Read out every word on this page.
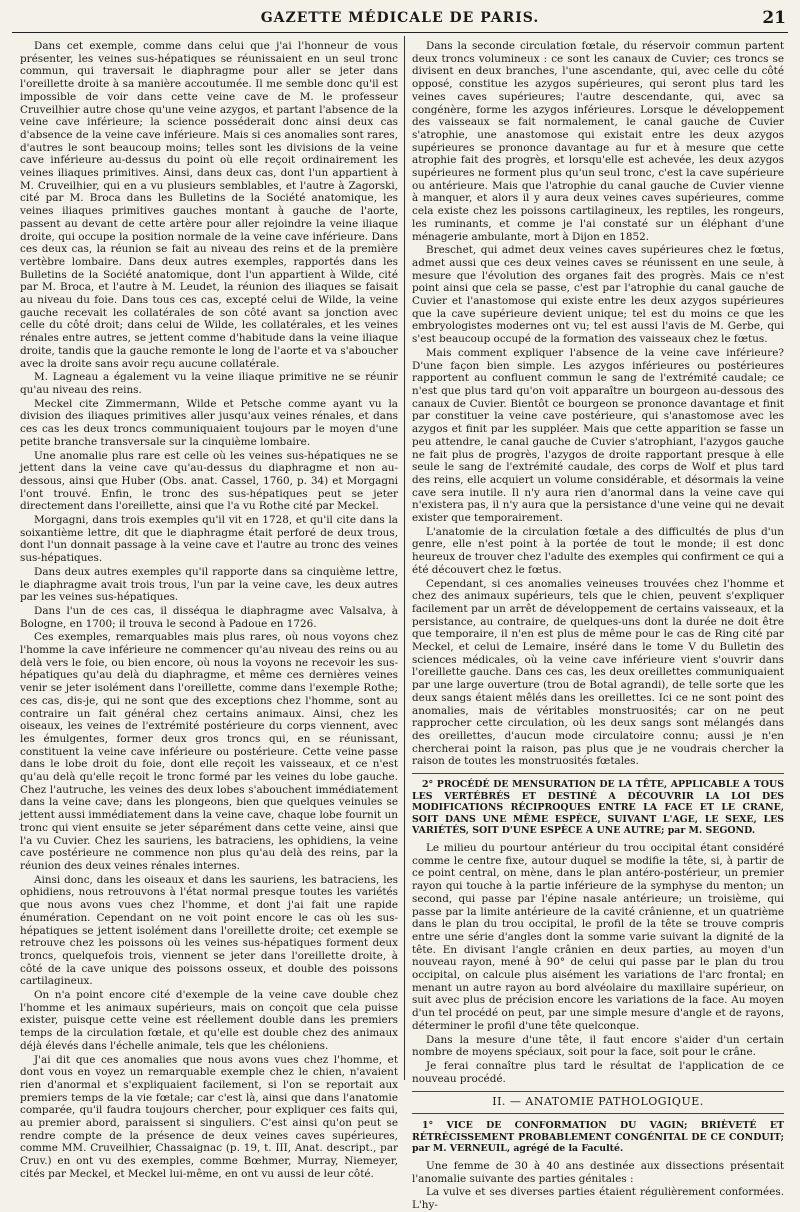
GAZETTE MÉDICALE DE PARIS.	21

Dans cet exemple, comme dans celui que j'ai l'honneur de vous présenter, les veines sus-hépatiques se réunissaient en un seul tronc commun, qui traversait le diaphragme pour aller se jeter dans l'oreillette droite à sa manière accoutumée. Il me semble donc qu'il est impossible de voir dans cette veine cave de M. le professeur Cruveilhier autre chose qu'une veine azygos, et partant l'absence de la veine cave inférieure; la science posséderait donc ainsi deux cas d'absence de la veine cave inférieure. Mais si ces anomalies sont rares, d'autres le sont beaucoup moins; telles sont les divisions de la veine cave inférieure au-dessus du point où elle reçoit ordinairement les veines iliaques primitives. Ainsi, dans deux cas, dont l'un appartient à M. Cruveilhier, qui en a vu plusieurs semblables, et l'autre à Zagorski, cité par M. Broca dans les Bulletins de la Société anatomique, les veines iliaques primitives gauches montant à gauche de l'aorte, passent au devant de cette artère pour aller rejoindre la veine iliaque droite, qui occupe la position normale de la veine cave inférieure. Dans ces deux cas, la réunion se fait au niveau des reins et de la première vertèbre lombaire. Dans deux autres exemples, rapportés dans les Bulletins de la Société anatomique, dont l'un appartient à Wilde, cité par M. Broca, et l'autre à M. Leudet, la réunion des iliaques se faisait au niveau du foie. Dans tous ces cas, excepté celui de Wilde, la veine gauche recevait les collatérales de son côté avant sa jonction avec celle du côté droit; dans celui de Wilde, les collatérales, et les veines rénales entre autres, se jettent comme d'habitude dans la veine iliaque droite, tandis que la gauche remonte le long de l'aorte et va s'aboucher avec la droite sans avoir reçu aucune collatérale.

M. Lagneau a également vu la veine iliaque primitive ne se réunir qu'au niveau des reins.

Meckel cite Zimmermann, Wilde et Petsche comme ayant vu la division des iliaques primitives aller jusqu'aux veines rénales, et dans ces cas les deux troncs communiquaient toujours par le moyen d'une petite branche transversale sur la cinquième lombaire.

Une anomalie plus rare est celle où les veines sus-hépatiques ne se jettent dans la veine cave qu'au-dessus du diaphragme et non au-dessous, ainsi que Huber (Obs. anat. Cassel, 1760, p. 34) et Morgagni l'ont trouvé. Enfin, le tronc des sus-hépatiques peut se jeter directement dans l'oreillette, ainsi que l'a vu Rothe cité par Meckel.

Morgagni, dans trois exemples qu'il vit en 1728, et qu'il cite dans la soixantième lettre, dit que le diaphragme était perforé de deux trous, dont l'un donnait passage à la veine cave et l'autre au tronc des veines sus-hépatiques.

Dans deux autres exemples qu'il rapporte dans sa cinquième lettre, le diaphragme avait trois trous, l'un par la veine cave, les deux autres par les veines sus-hépatiques.

Dans l'un de ces cas, il disséqua le diaphragme avec Valsalva, à Bologne, en 1700; il trouva le second à Padoue en 1726.

Ces exemples, remarquables mais plus rares, où nous voyons chez l'homme la cave inférieure ne commencer qu'au niveau des reins ou au delà vers le foie, ou bien encore, où nous la voyons ne recevoir les sus-hépatiques qu'au delà du diaphragme, et même ces dernières veines venir se jeter isolément dans l'oreillette, comme dans l'exemple Rothe; ces cas, dis-je, qui ne sont que des exceptions chez l'homme, sont au contraire un fait général chez certains animaux. Ainsi, chez les oiseaux, les veines de l'extrémité postérieure du corps viennent, avec les émulgentes, former deux gros troncs qui, en se réunissant, constituent la veine cave inférieure ou postérieure. Cette veine passe dans le lobe droit du foie, dont elle reçoit les vaisseaux, et ce n'est qu'au delà qu'elle reçoit le tronc formé par les veines du lobe gauche. Chez l'autruche, les veines des deux lobes s'abouchent immédiatement dans la veine cave; dans les plongeons, bien que quelques veinules se jettent aussi immédiatement dans la veine cave, chaque lobe fournit un tronc qui vient ensuite se jeter séparément dans cette veine, ainsi que l'a vu Cuvier. Chez les sauriens, les batraciens, les ophidiens, la veine cave postérieure ne commence non plus qu'au delà des reins, par la réunion des deux veines rénales internes.

Ainsi donc, dans les oiseaux et dans les sauriens, les batraciens, les ophidiens, nous retrouvons à l'état normal presque toutes les variétés que nous avons vues chez l'homme, et dont j'ai fait une rapide énumération. Cependant on ne voit point encore le cas où les sus-hépatiques se jettent isolément dans l'oreillette droite; cet exemple se retrouve chez les poissons où les veines sus-hépatiques forment deux troncs, quelquefois trois, viennent se jeter dans l'oreillette droite, à côté de la cave unique des poissons osseux, et double des poissons cartilagineux.

On n'a point encore cité d'exemple de la veine cave double chez l'homme et les animaux supérieurs, mais on conçoit que cela puisse exister, puisque cette veine est réellement double dans les premiers temps de la circulation fœtale, et qu'elle est double chez des animaux déjà élevés dans l'échelle animale, tels que les chéloniens.

J'ai dit que ces anomalies que nous avons vues chez l'homme, et dont vous en voyez un remarquable exemple chez le chien, n'avaient rien d'anormal et s'expliquaient facilement, si l'on se reportait aux premiers temps de la vie fœtale; car c'est là, ainsi que dans l'anatomie comparée, qu'il faudra toujours chercher, pour expliquer ces faits qui, au premier abord, paraissent si singuliers. C'est ainsi qu'on peut se rendre compte de la présence de deux veines caves supérieures, comme MM. Cruveilhier, Chassaignac (p. 19, t. III, Anat. descript., par Cruv.) en ont vu des exemples, comme Bœhmer, Murray, Niemeyer, cités par Meckel, et Meckel lui-même, en ont vu aussi de leur côté.

Dans la seconde circulation fœtale, du réservoir commun partent deux troncs volumineux : ce sont les canaux de Cuvier; ces troncs se divisent en deux branches, l'une ascendante, qui, avec celle du côté opposé, constitue les azygos supérieures, qui seront plus tard les veines caves supérieures; l'autre descendante, qui, avec sa congénère, forme les azygos inférieures. Lorsque le développement des vaisseaux se fait normalement, le canal gauche de Cuvier s'atrophie, une anastomose qui existait entre les deux azygos supérieures se prononce davantage au fur et à mesure que cette atrophie fait des progrès, et lorsqu'elle est achevée, les deux azygos supérieures ne forment plus qu'un seul tronc, c'est la cave supérieure ou antérieure. Mais que l'atrophie du canal gauche de Cuvier vienne à manquer, et alors il y aura deux veines caves supérieures, comme cela existe chez les poissons cartilagineux, les reptiles, les rongeurs, les ruminants, et comme je l'ai constaté sur un éléphant d'une ménagerie ambulante, mort à Dijon en 1852.

Breschet, qui admet deux veines caves supérieures chez le fœtus, admet aussi que ces deux veines caves se réunissent en une seule, à mesure que l'évolution des organes fait des progrès. Mais ce n'est point ainsi que cela se passe, c'est par l'atrophie du canal gauche de Cuvier et l'anastomose qui existe entre les deux azygos supérieures que la cave supérieure devient unique; tel est du moins ce que les embryologistes modernes ont vu; tel est aussi l'avis de M. Gerbe, qui s'est beaucoup occupé de la formation des vaisseaux chez le fœtus.

Mais comment expliquer l'absence de la veine cave inférieure? D'une façon bien simple. Les azygos inférieures ou postérieures rapportent au confluent commun le sang de l'extrémité caudale; ce n'est que plus tard qu'on voit apparaître un bourgeon au-dessous des canaux de Cuvier. Bientôt ce bourgeon se prononce davantage et finit par constituer la veine cave postérieure, qui s'anastomose avec les azygos et finit par les suppléer. Mais que cette apparition se fasse un peu attendre, le canal gauche de Cuvier s'atrophiant, l'azygos gauche ne fait plus de progrès, l'azygos de droite rapportant presque à elle seule le sang de l'extrémité caudale, des corps de Wolf et plus tard des reins, elle acquiert un volume considérable, et désormais la veine cave sera inutile. Il n'y aura rien d'anormal dans la veine cave qui n'existera pas, il n'y aura que la persistance d'une veine qui ne devait exister que temporairement.

L'anatomie de la circulation fœtale a des difficultés de plus d'un genre, elle n'est point à la portée de tout le monde; il est donc heureux de trouver chez l'adulte des exemples qui confirment ce qui a été découvert chez le fœtus.

Cependant, si ces anomalies veineuses trouvées chez l'homme et chez des animaux supérieurs, tels que le chien, peuvent s'expliquer facilement par un arrêt de développement de certains vaisseaux, et la persistance, au contraire, de quelques-uns dont la durée ne doit être que temporaire, il n'en est plus de même pour le cas de Ring cité par Meckel, et celui de Lemaire, inséré dans le tome V du Bulletin des sciences médicales, où la veine cave inférieure vient s'ouvrir dans l'oreillette gauche. Dans ces cas, les deux oreillettes communiquaient par une large ouverture (trou de Botal agrandi), de telle sorte que les deux sangs étaient mêlés dans les oreillettes. Ici ce ne sont point des anomalies, mais de véritables monstruosités; car on ne peut rapprocher cette circulation, où les deux sangs sont mélangés dans des oreillettes, d'aucun mode circulatoire connu; aussi je n'en chercherai point la raison, pas plus que je ne voudrais chercher la raison de toutes les monstruosités fœtales.

2° PROCÉDÉ DE MENSURATION DE LA TÊTE, APPLICABLE A TOUS LES VERTÉBRÉS ET DESTINÉ A DÉCOUVRIR LA LOI DES MODIFICATIONS RÉCIPROQUES ENTRE LA FACE ET LE CRANE, SOIT DANS UNE MÊME ESPÈCE, SUIVANT L'AGE, LE SEXE, LES VARIÉTÉS, SOIT D'UNE ESPÈCE A UNE AUTRE; par M. SEGOND.

Le milieu du pourtour antérieur du trou occipital étant considéré comme le centre fixe, autour duquel se modifie la tête, si, à partir de ce point central, on mène, dans le plan antéro-postérieur, un premier rayon qui touche à la partie inférieure de la symphyse du menton; un second, qui passe par l'épine nasale antérieure; un troisième, qui passe par la limite antérieure de la cavité crânienne, et un quatrième dans le plan du trou occipital, le profil de la tête se trouve compris entre une série d'angles dont la somme varie suivant la dignité de la tête. En divisant l'angle crânien en deux parties, au moyen d'un nouveau rayon, mené à 90° de celui qui passe par le plan du trou occipital, on calcule plus aisément les variations de l'arc frontal; en menant un autre rayon au bord alvéolaire du maxillaire supérieur, on suit avec plus de précision encore les variations de la face. Au moyen d'un tel procédé on peut, par une simple mesure d'angle et de rayons, déterminer le profil d'une tête quelconque.

Dans la mesure d'une tête, il faut encore s'aider d'un certain nombre de moyens spéciaux, soit pour la face, soit pour le crâne.

Je ferai connaître plus tard le résultat de l'application de ce nouveau procédé.

II. — ANATOMIE PATHOLOGIQUE.
1° VICE DE CONFORMATION DU VAGIN; BRIÈVETÉ ET RÉTRÉCISSEMENT PROBABLEMENT CONGÉNITAL DE CE CONDUIT; par M. VERNEUIL, agrégé de la Faculté.

Une femme de 30 à 40 ans destinée aux dissections présentait l'anomalie suivante des parties génitales :

La vulve et ses diverses parties étaient régulièrement conformées. L'hy-
